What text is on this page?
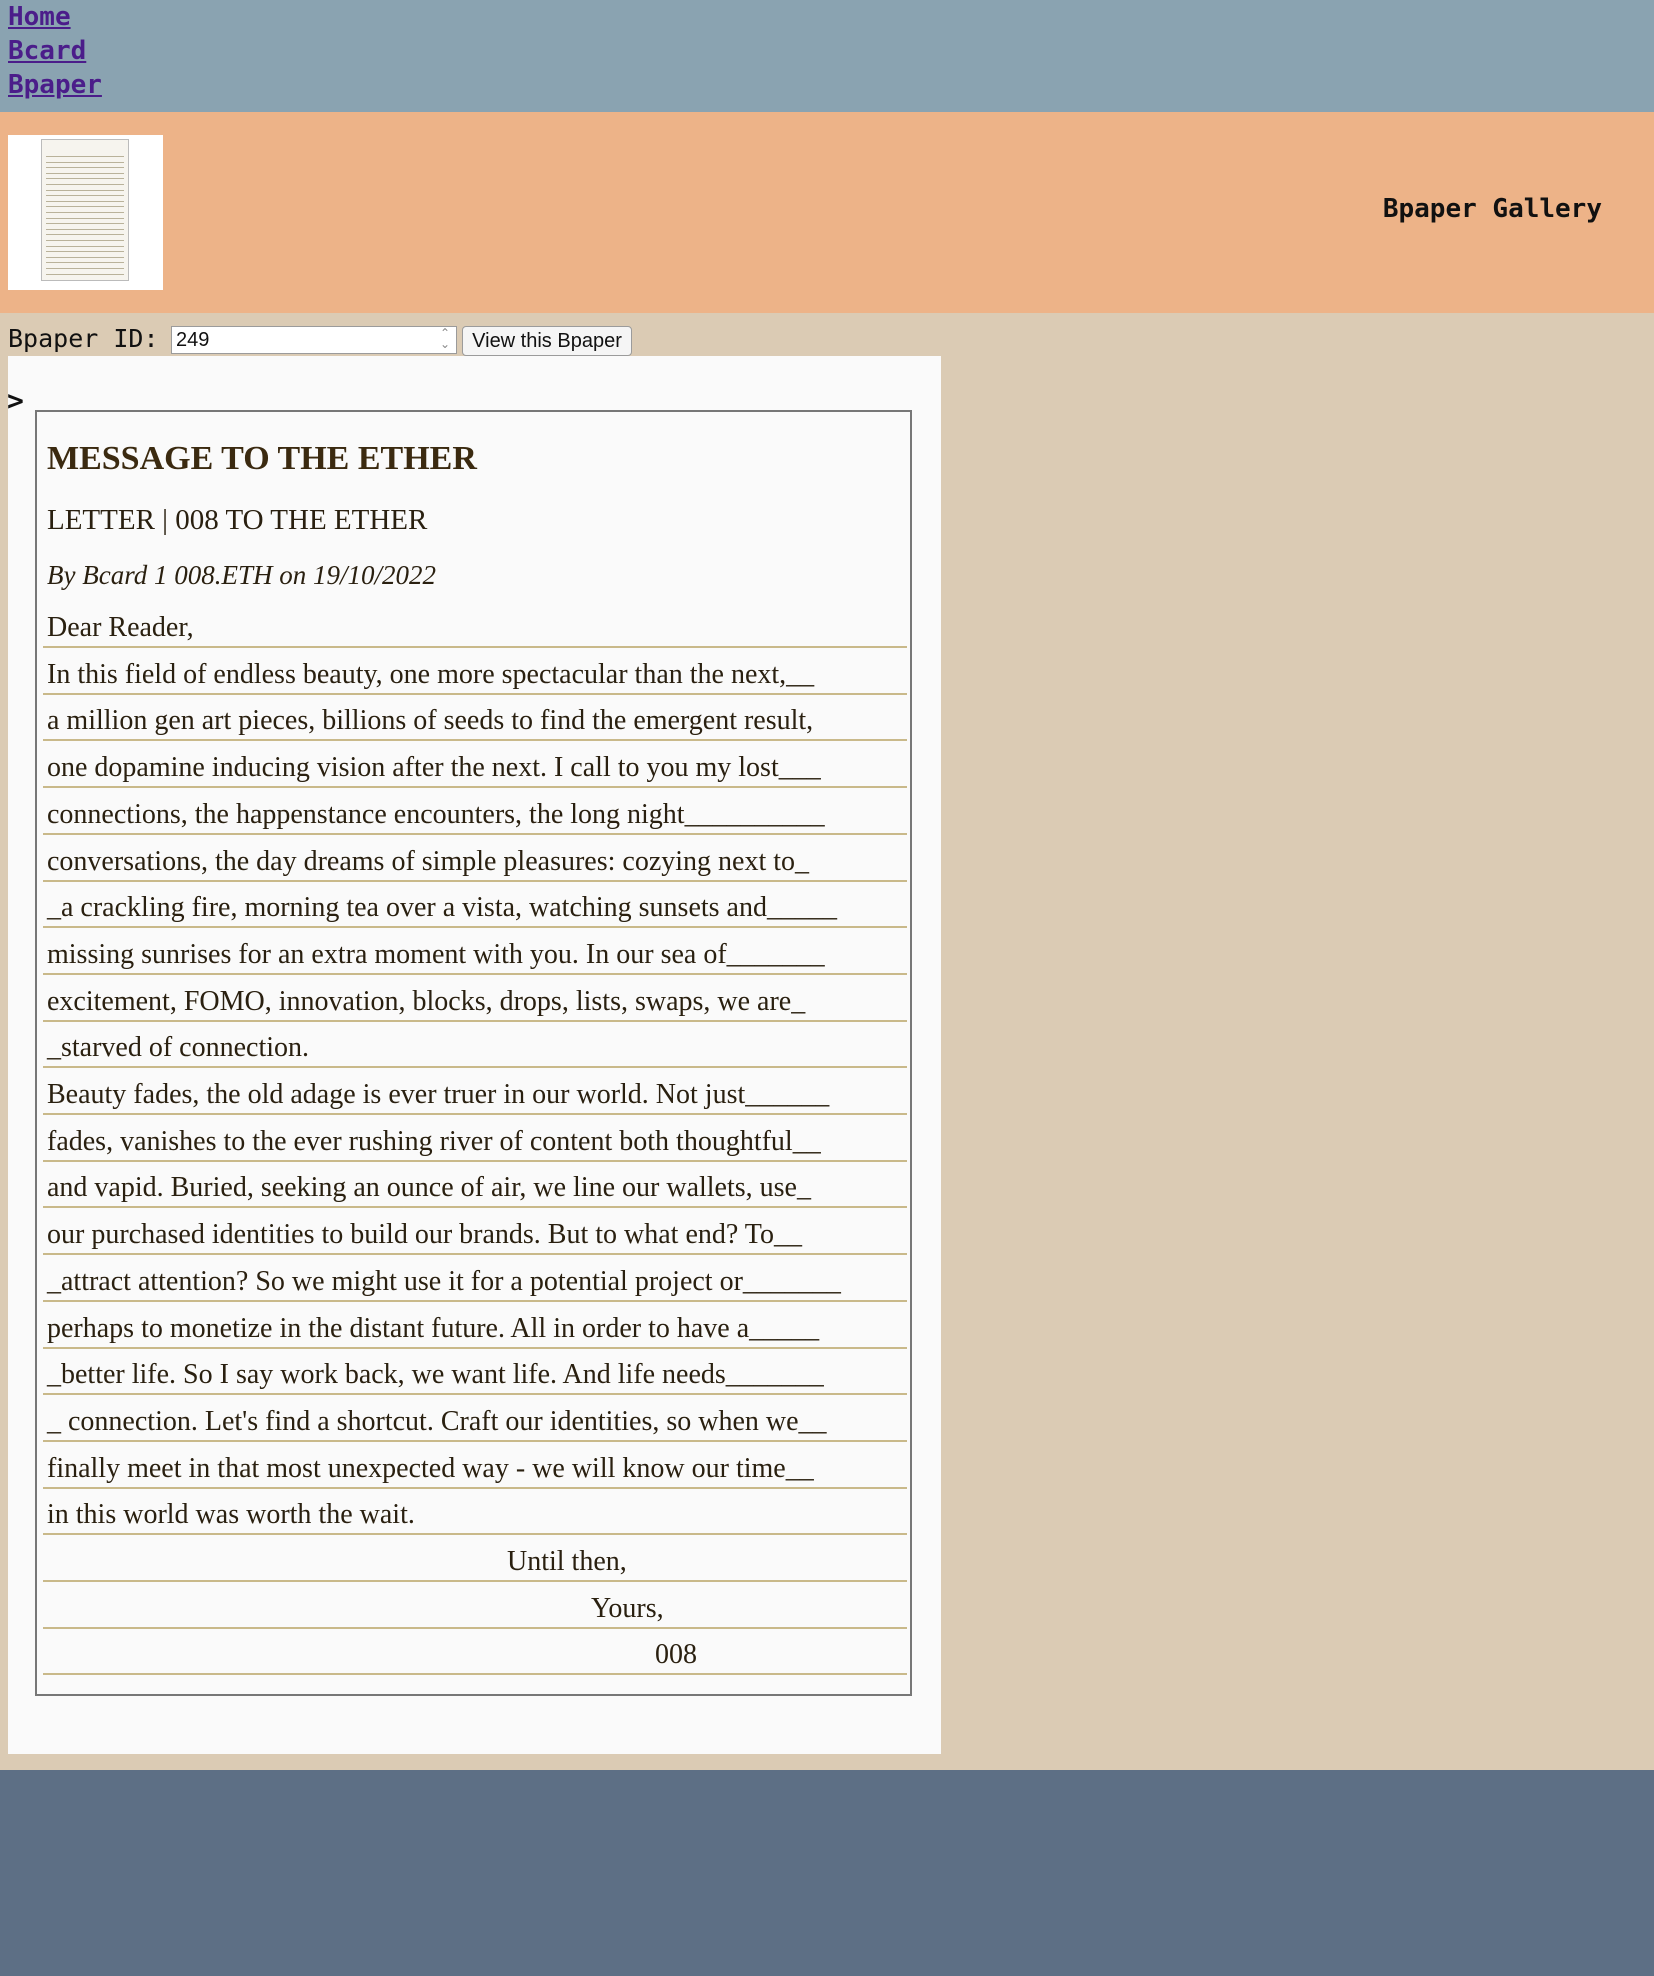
Home
Bcard
Bpaper
Bpaper Gallery
Bpaper ID:
249	⌃
⌄	View this Bpaper
>
MESSAGE TO THE ETHER
LETTER | 008 TO THE ETHER
By Bcard 1 008.ETH on 19/10/2022
Dear Reader,
In this field of endless beauty, one more spectacular than the next,__
a million gen art pieces, billions of seeds to find the emergent result,
one dopamine inducing vision after the next. I call to you my lost___
connections, the happenstance encounters, the long night__________
conversations, the day dreams of simple pleasures: cozying next to_
_a crackling fire, morning tea over a vista, watching sunsets and_____
missing sunrises for an extra moment with you. In our sea of_______
excitement, FOMO, innovation, blocks, drops, lists, swaps, we are_
_starved of connection.
Beauty fades, the old adage is ever truer in our world. Not just______
fades, vanishes to the ever rushing river of content both thoughtful__
and vapid. Buried, seeking an ounce of air, we line our wallets, use_
our purchased identities to build our brands. But to what end? To__
_attract attention? So we might use it for a potential project or_______
perhaps to monetize in the distant future. All in order to have a_____
_better life. So I say work back, we want life. And life needs_______
_ connection. Let's find a shortcut. Craft our identities, so when we__
finally meet in that most unexpected way - we will know our time__
in this world was worth the wait.
Until then,
Yours,
008
